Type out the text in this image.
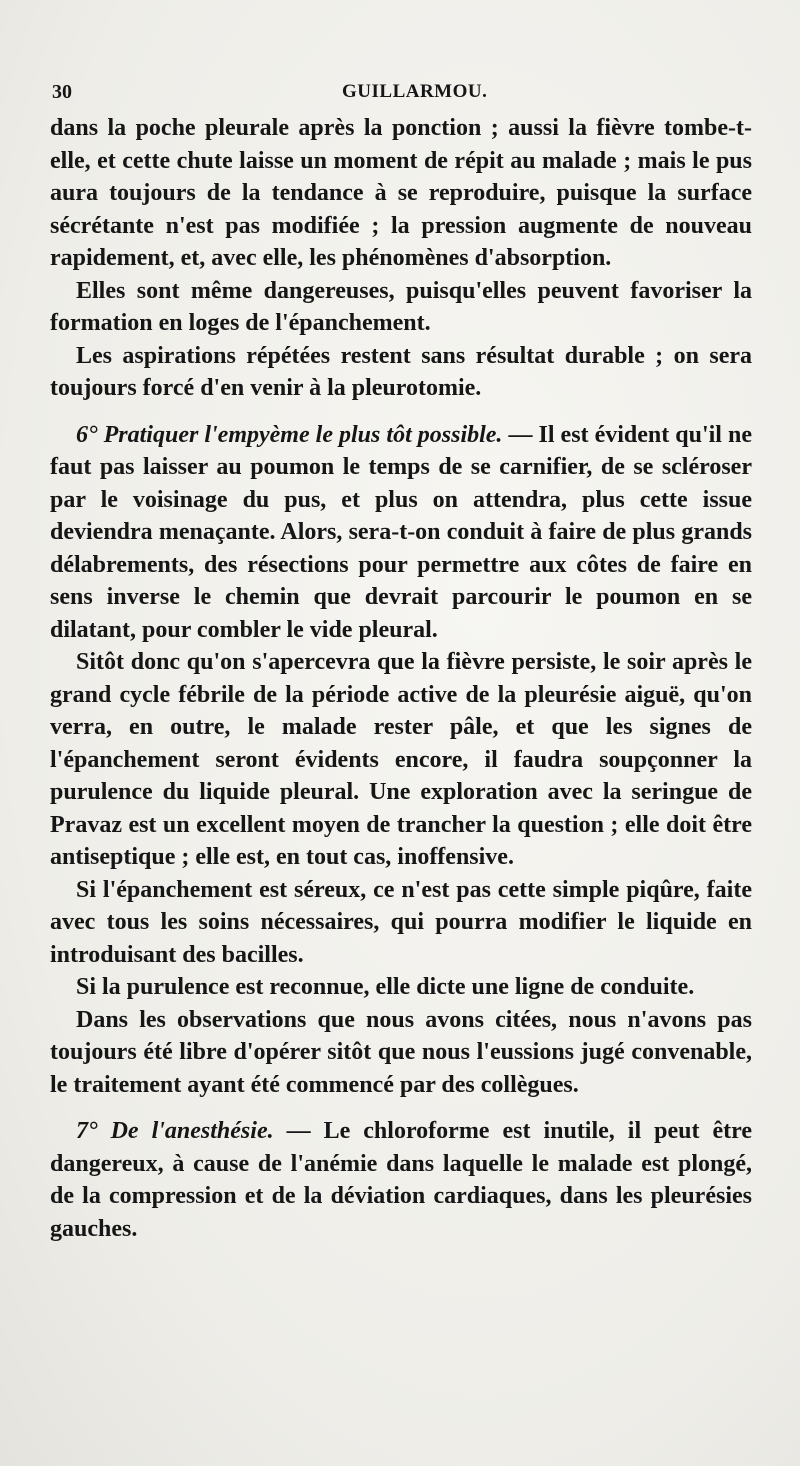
30	GUILLARMOU.

dans la poche pleurale après la ponction ; aussi la fièvre tombe-t-elle, et cette chute laisse un moment de répit au malade ; mais le pus aura toujours de la tendance à se reproduire, puisque la surface sécrétante n'est pas modifiée ; la pression augmente de nouveau rapidement, et, avec elle, les phénomènes d'absorption.

Elles sont même dangereuses, puisqu'elles peuvent favoriser la formation en loges de l'épanchement.

Les aspirations répétées restent sans résultat durable ; on sera toujours forcé d'en venir à la pleurotomie.

6° Pratiquer l'empyème le plus tôt possible. — Il est évident qu'il ne faut pas laisser au poumon le temps de se carnifier, de se scléroser par le voisinage du pus, et plus on attendra, plus cette issue deviendra menaçante. Alors, sera-t-on conduit à faire de plus grands délabrements, des résections pour permettre aux côtes de faire en sens inverse le chemin que devrait parcourir le poumon en se dilatant, pour combler le vide pleural.

Sitôt donc qu'on s'apercevra que la fièvre persiste, le soir après le grand cycle fébrile de la période active de la pleurésie aiguë, qu'on verra, en outre, le malade rester pâle, et que les signes de l'épanchement seront évidents encore, il faudra soupçonner la purulence du liquide pleural. Une exploration avec la seringue de Pravaz est un excellent moyen de trancher la question ; elle doit être antiseptique ; elle est, en tout cas, inoffensive.

Si l'épanchement est séreux, ce n'est pas cette simple piqûre, faite avec tous les soins nécessaires, qui pourra modifier le liquide en introduisant des bacilles.

Si la purulence est reconnue, elle dicte une ligne de conduite.

Dans les observations que nous avons citées, nous n'avons pas toujours été libre d'opérer sitôt que nous l'eussions jugé convenable, le traitement ayant été commencé par des collègues.

7° De l'anesthésie. — Le chloroforme est inutile, il peut être dangereux, à cause de l'anémie dans laquelle le malade est plongé, de la compression et de la déviation cardiaques, dans les pleurésies gauches.
